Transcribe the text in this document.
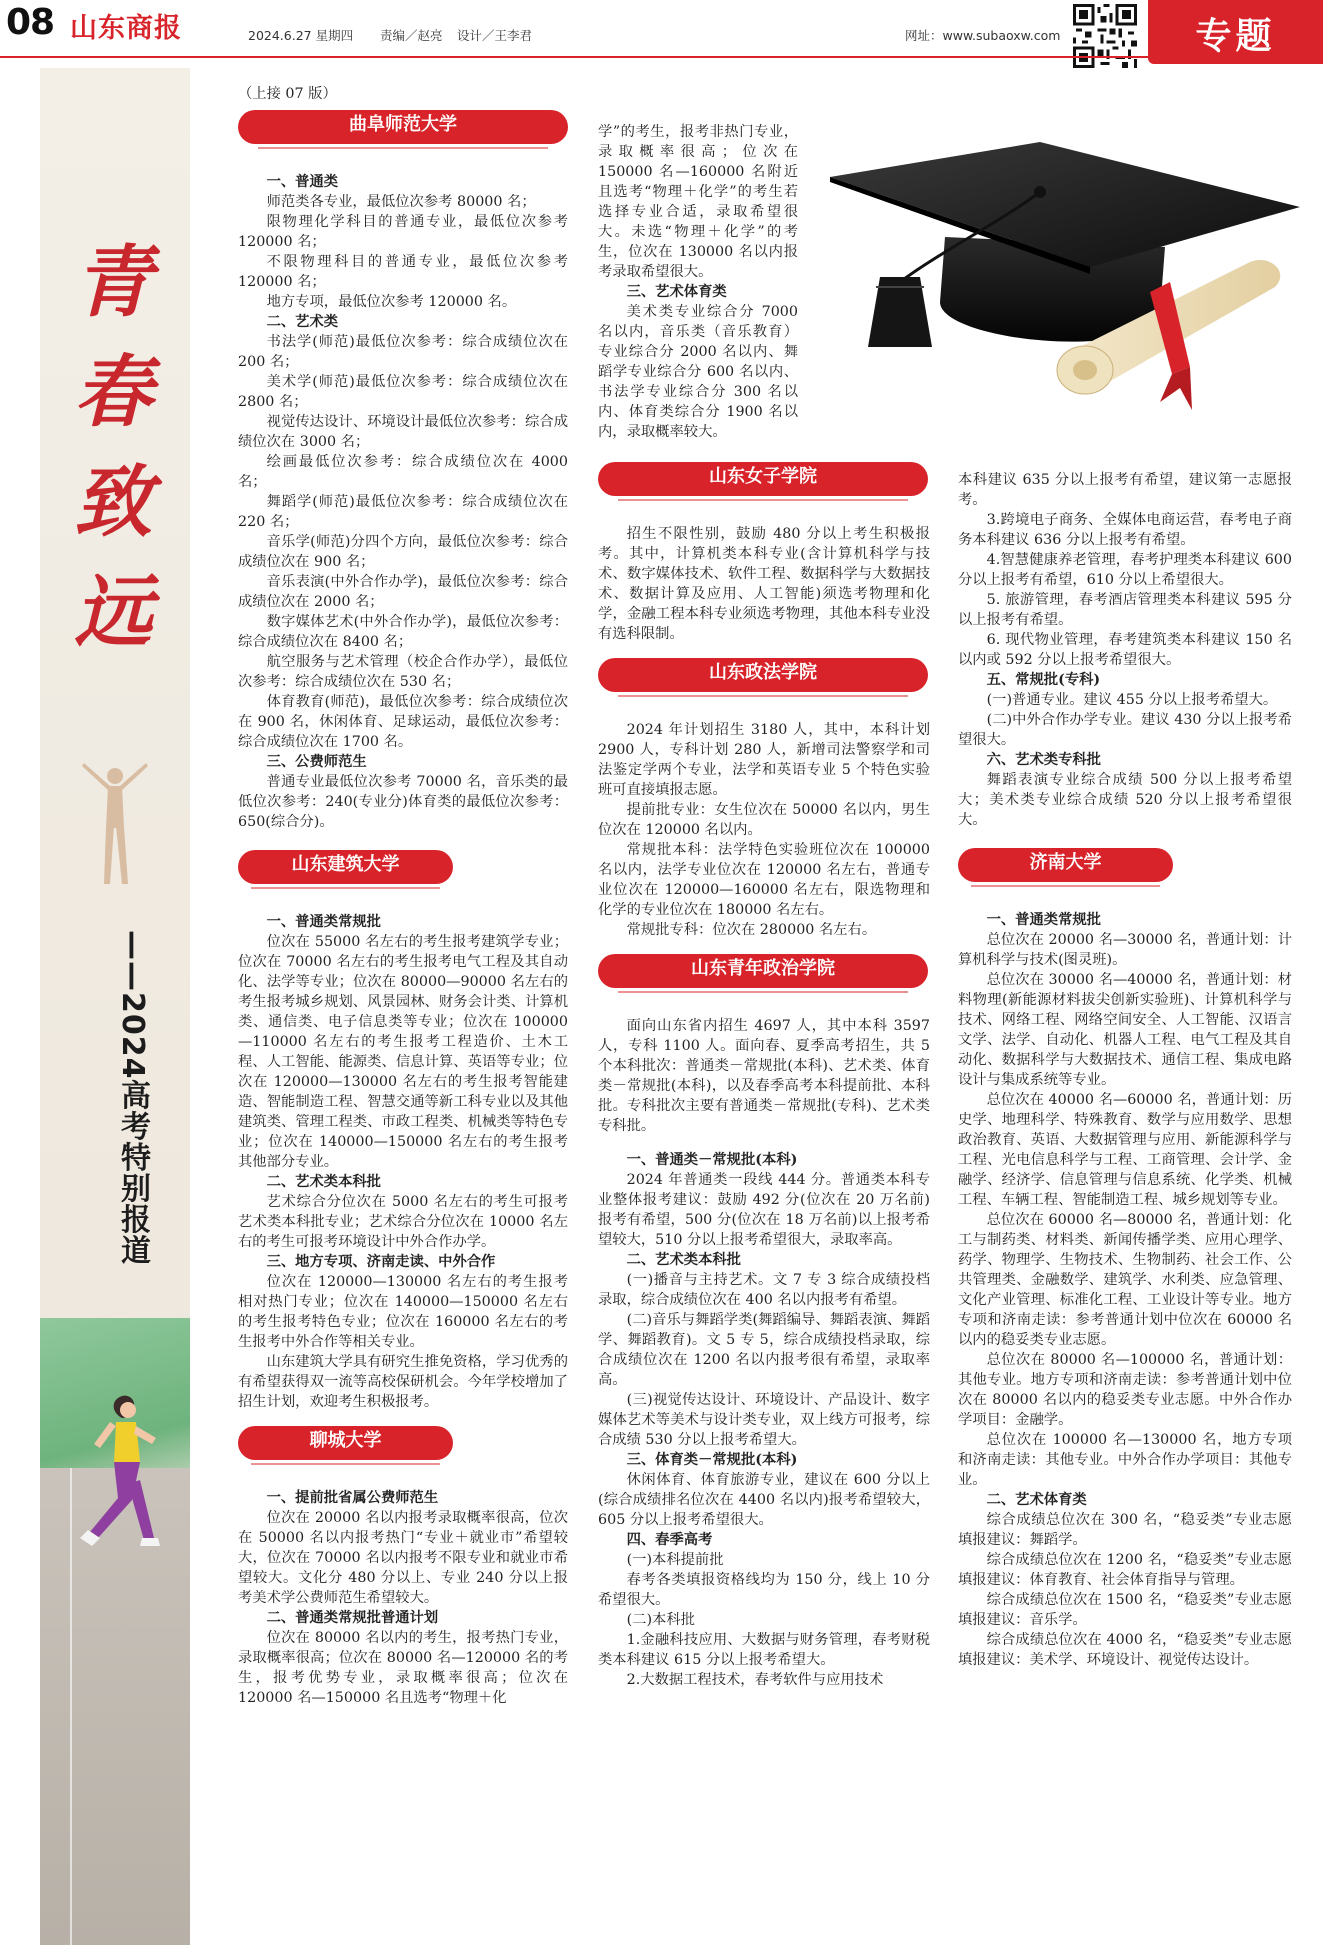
08 山东商报	2024.6.27 星期四 责编／赵亮 设计／王李君	网址：www.subaoxw.com	专题
青
春
致
远
——2024高考特别报道

（上接 07 版）

曲阜师范大学

一、普通类

师范类各专业，最低位次参考 80000 名；

限物理化学科目的普通专业，最低位次参考 120000 名；

不限物理科目的普通专业，最低位次参考 120000 名；

地方专项，最低位次参考 120000 名。

二、艺术类

书法学(师范)最低位次参考：综合成绩位次在 200 名；

美术学(师范)最低位次参考：综合成绩位次在 2800 名；

视觉传达设计、环境设计最低位次参考：综合成绩位次在 3000 名；

绘画最低位次参考：综合成绩位次在 4000 名；

舞蹈学(师范)最低位次参考：综合成绩位次在 220 名；

音乐学(师范)分四个方向，最低位次参考：综合成绩位次在 900 名；

音乐表演(中外合作办学)，最低位次参考：综合成绩位次在 2000 名；

数字媒体艺术(中外合作办学)，最低位次参考：综合成绩位次在 8400 名；

航空服务与艺术管理（校企合作办学），最低位次参考：综合成绩位次在 530 名；

体育教育(师范)，最低位次参考：综合成绩位次在 900 名，休闲体育、足球运动，最低位次参考：综合成绩位次在 1700 名。

三、公费师范生

普通专业最低位次参考 70000 名，音乐类的最低位次参考：240(专业分)体育类的最低位次参考：650(综合分)。

山东建筑大学

一、普通类常规批

位次在 55000 名左右的考生报考建筑学专业；位次在 70000 名左右的考生报考电气工程及其自动化、法学等专业；位次在 80000—90000 名左右的考生报考城乡规划、风景园林、财务会计类、计算机类、通信类、电子信息类等专业；位次在 100000—110000 名左右的考生报考工程造价、土木工程、人工智能、能源类、信息计算、英语等专业；位次在 120000—130000 名左右的考生报考智能建造、智能制造工程、智慧交通等新工科专业以及其他建筑类、管理工程类、市政工程类、机械类等特色专业；位次在 140000—150000 名左右的考生报考其他部分专业。

二、艺术类本科批

艺术综合分位次在 5000 名左右的考生可报考艺术类本科批专业；艺术综合分位次在 10000 名左右的考生可报考环境设计中外合作办学。

三、地方专项、济南走读、中外合作

位次在 120000—130000 名左右的考生报考相对热门专业；位次在 140000—150000 名左右的考生报考特色专业；位次在 160000 名左右的考生报考中外合作等相关专业。

山东建筑大学具有研究生推免资格，学习优秀的有希望获得双一流等高校保研机会。今年学校增加了招生计划，欢迎考生积极报考。

聊城大学

一、提前批省属公费师范生

位次在 20000 名以内报考录取概率很高，位次在 50000 名以内报考热门“专业＋就业市”希望较大，位次在 70000 名以内报考不限专业和就业市希望较大。文化分 480 分以上、专业 240 分以上报考美术学公费师范生希望较大。

二、普通类常规批普通计划

位次在 80000 名以内的考生，报考热门专业，录取概率很高；位次在 80000 名—120000 名的考生，报考优势专业，录取概率很高；位次在 120000 名—150000 名且选考“物理＋化

学”的考生，报考非热门专业，录取概率很高；位次在 150000 名—160000 名附近且选考“物理＋化学”的考生若选择专业合适，录取希望很大。未选“物理＋化学”的考生，位次在 130000 名以内报考录取希望很大。

三、艺术体育类

美术类专业综合分 7000 名以内，音乐类（音乐教育）专业综合分 2000 名以内、舞蹈学专业综合分 600 名以内、书法学专业综合分 300 名以内、体育类综合分 1900 名以内，录取概率较大。

山东女子学院

招生不限性别，鼓励 480 分以上考生积极报考。其中，计算机类本科专业(含计算机科学与技术、数字媒体技术、软件工程、数据科学与大数据技术、数据计算及应用、人工智能)须选考物理和化学，金融工程本科专业须选考物理，其他本科专业没有选科限制。

山东政法学院

2024 年计划招生 3180 人，其中，本科计划 2900 人，专科计划 280 人，新增司法警察学和司法鉴定学两个专业，法学和英语专业 5 个特色实验班可直接填报志愿。

提前批专业：女生位次在 50000 名以内，男生位次在 120000 名以内。

常规批本科：法学特色实验班位次在 100000 名以内，法学专业位次在 120000 名左右，普通专业位次在 120000—160000 名左右，限选物理和化学的专业位次在 180000 名左右。

常规批专科：位次在 280000 名左右。

山东青年政治学院

面向山东省内招生 4697 人，其中本科 3597 人，专科 1100 人。面向春、夏季高考招生，共 5 个本科批次：普通类－常规批(本科)、艺术类、体育类－常规批(本科)，以及春季高考本科提前批、本科批。专科批次主要有普通类－常规批(专科)、艺术类专科批。

一、普通类－常规批(本科)

2024 年普通类一段线 444 分。普通类本科专业整体报考建议：鼓励 492 分(位次在 20 万名前)报考有希望，500 分(位次在 18 万名前)以上报考希望较大，510 分以上报考希望很大，录取率高。

二、艺术类本科批

(一)播音与主持艺术。文 7 专 3 综合成绩投档录取，综合成绩位次在 400 名以内报考有希望。

(二)音乐与舞蹈学类(舞蹈编导、舞蹈表演、舞蹈学、舞蹈教育)。文 5 专 5，综合成绩投档录取，综合成绩位次在 1200 名以内报考很有希望，录取率高。

(三)视觉传达设计、环境设计、产品设计、数字媒体艺术等美术与设计类专业，双上线方可报考，综合成绩 530 分以上报考希望大。

三、体育类－常规批(本科)

休闲体育、体育旅游专业，建议在 600 分以上(综合成绩排名位次在 4400 名以内)报考希望较大，605 分以上报考希望很大。

四、春季高考

(一)本科提前批

春考各类填报资格线均为 150 分，线上 10 分希望很大。

(二)本科批

1.金融科技应用、大数据与财务管理，春考财税类本科建议 615 分以上报考希望大。

2.大数据工程技术，春考软件与应用技术

本科建议 635 分以上报考有希望，建议第一志愿报考。

3.跨境电子商务、全媒体电商运营，春考电子商务本科建议 636 分以上报考有希望。

4.智慧健康养老管理，春考护理类本科建议 600 分以上报考有希望，610 分以上希望很大。

5. 旅游管理，春考酒店管理类本科建议 595 分以上报考有希望。

6. 现代物业管理，春考建筑类本科建议 150 名以内或 592 分以上报考希望很大。

五、常规批(专科)

(一)普通专业。建议 455 分以上报考希望大。

(二)中外合作办学专业。建议 430 分以上报考希望很大。

六、艺术类专科批

舞蹈表演专业综合成绩 500 分以上报考希望大；美术类专业综合成绩 520 分以上报考希望很大。

济南大学

一、普通类常规批

总位次在 20000 名—30000 名，普通计划：计算机科学与技术(图灵班)。

总位次在 30000 名—40000 名，普通计划：材料物理(新能源材料拔尖创新实验班)、计算机科学与技术、网络工程、网络空间安全、人工智能、汉语言文学、法学、自动化、机器人工程、电气工程及其自动化、数据科学与大数据技术、通信工程、集成电路设计与集成系统等专业。

总位次在 40000 名—60000 名，普通计划：历史学、地理科学、特殊教育、数学与应用数学、思想政治教育、英语、大数据管理与应用、新能源科学与工程、光电信息科学与工程、工商管理、会计学、金融学、经济学、信息管理与信息系统、化学类、机械工程、车辆工程、智能制造工程、城乡规划等专业。

总位次在 60000 名—80000 名，普通计划：化工与制药类、材料类、新闻传播学类、应用心理学、药学、物理学、生物技术、生物制药、社会工作、公共管理类、金融数学、建筑学、水利类、应急管理、文化产业管理、标准化工程、工业设计等专业。地方专项和济南走读：参考普通计划中位次在 60000 名以内的稳妥类专业志愿。

总位次在 80000 名—100000 名，普通计划：其他专业。地方专项和济南走读：参考普通计划中位次在 80000 名以内的稳妥类专业志愿。中外合作办学项目：金融学。

总位次在 100000 名—130000 名，地方专项和济南走读：其他专业。中外合作办学项目：其他专业。

二、艺术体育类

综合成绩总位次在 300 名，“稳妥类”专业志愿填报建议：舞蹈学。

综合成绩总位次在 1200 名，“稳妥类”专业志愿填报建议：体育教育、社会体育指导与管理。

综合成绩总位次在 1500 名，“稳妥类”专业志愿填报建议：音乐学。

综合成绩总位次在 4000 名，“稳妥类”专业志愿填报建议：美术学、环境设计、视觉传达设计。
